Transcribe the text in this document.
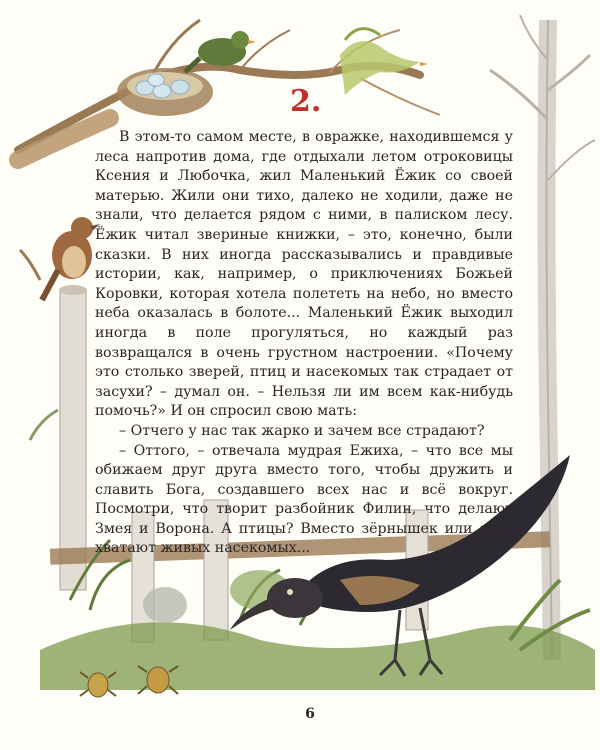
2.

В этом-то самом месте, в овражке, находившемся у леса напротив дома, где отдыхали летом отроковицы Ксения и Любочка, жил Маленький Ёжик со своей матерью. Жили они тихо, далеко не ходили, даже не знали, что делается рядом с ними, в палиском лесу. Ёжик читал звериные книжки, – это, конечно, были сказки. В них иногда рассказывались и правдивые истории, как, например, о приключениях Божьей Коровки, которая хотела полететь на небо, но вместо неба оказалась в болоте... Маленький Ёжик выходил иногда в поле прогуляться, но каждый раз возвращался в очень грустном настроении. «Почему это столько зверей, птиц и насекомых так страдает от засухи? – думал он. – Нельзя ли им всем как-нибудь помочь?» И он спросил свою мать:

– Отчего у нас так жарко и зачем все страдают?

– Оттого, – отвечала мудрая Ежиха, – что все мы обижаем друг друга вместо того, чтобы дружить и славить Бога, создавшего всех нас и всё вокруг. Посмотри, что творит разбойник Филин, что делают Змея и Ворона. А птицы? Вместо зёрнышек или ягод хватают живых насекомых...

6
